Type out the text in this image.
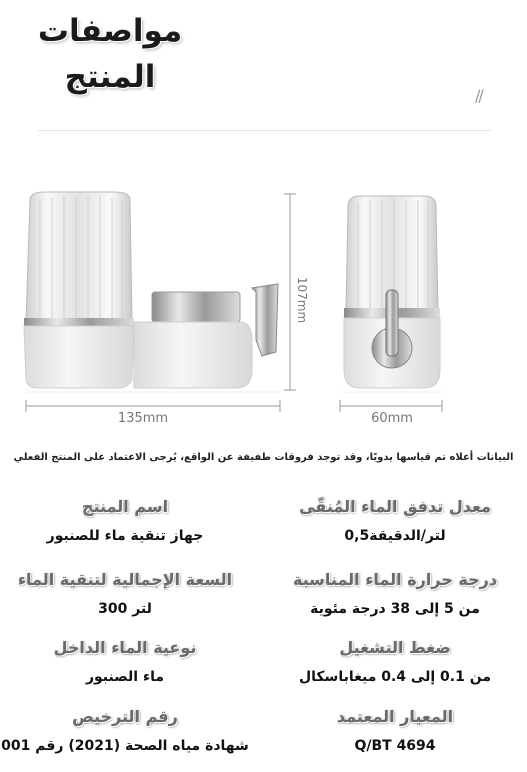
مواصفات
المنتج
//
135mm	60mm
107mm
البيانات أعلاه تم قياسها يدويًا، وقد توجد فروقات طفيفة عن الواقع، يُرجى الاعتماد على المنتج الفعلي
معدل تدفق الماء المُنقّى
لتر/الدقيقة0,5
اسم المنتج
جهاز تنقية ماء للصنبور
درجة حرارة الماء المناسبة
من 5 إلى 38 درجة مئوية
السعة الإجمالية لتنقية الماء
لتر 300
ضغط التشغيل
من 0.1 إلى 0.4 ميغاباسكال
نوعية الماء الداخل
ماء الصنبور
المعيار المعتمد
Q/BT 4694
رقم الترخيص
شهادة مياه الصحة (2021) رقم 001
